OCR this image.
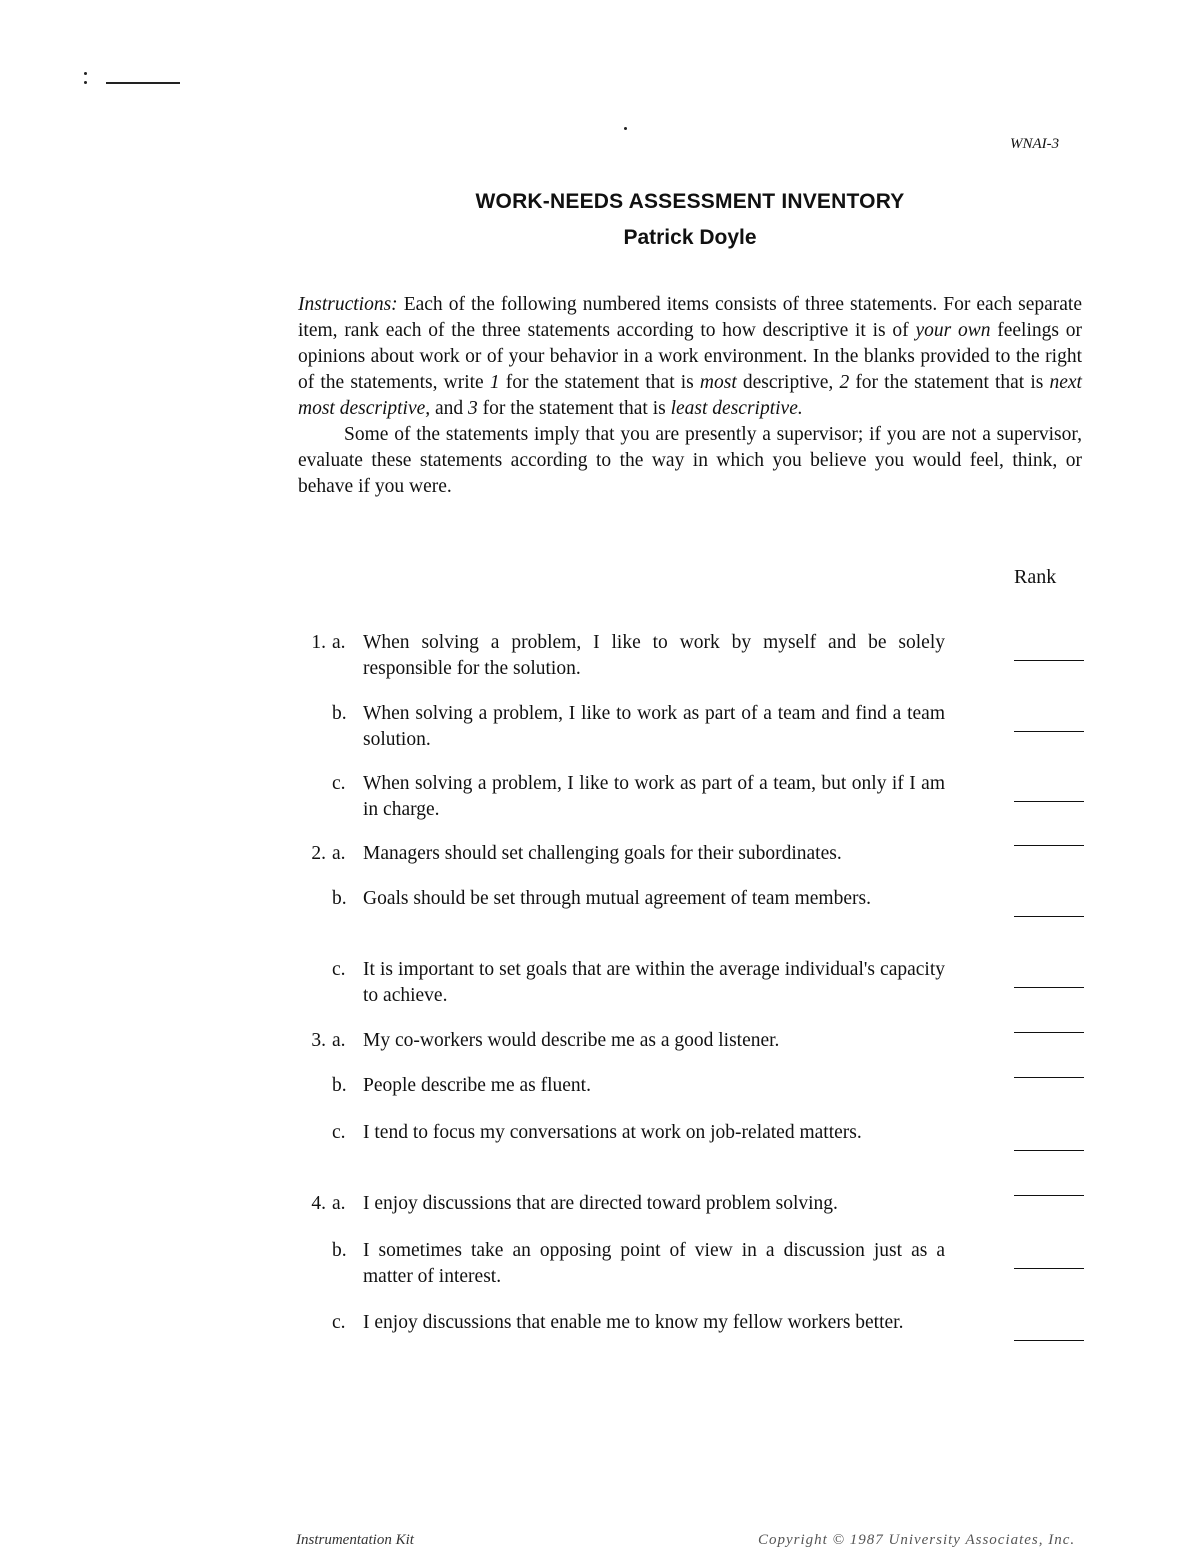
WNAI-3
WORK-NEEDS ASSESSMENT INVENTORY
Patrick Doyle

Instructions: Each of the following numbered items consists of three statements. For each separate item, rank each of the three statements according to how descriptive it is of your own feelings or opinions about work or of your behavior in a work environment. In the blanks provided to the right of the statements, write 1 for the statement that is most descriptive, 2 for the statement that is next most descriptive, and 3 for the statement that is least descriptive.

Some of the statements imply that you are presently a supervisor; if you are not a supervisor, evaluate these statements according to the way in which you believe you would feel, think, or behave if you were.

Rank
1. a. When solving a problem, I like to work by myself and be solely responsible for the solution.
b. When solving a problem, I like to work as part of a team and find a team solution.
c. When solving a problem, I like to work as part of a team, but only if I am in charge.
2. a. Managers should set challenging goals for their subordinates.
b. Goals should be set through mutual agreement of team members.
c. It is important to set goals that are within the average individual's capacity to achieve.
3. a. My co-workers would describe me as a good listener.
b. People describe me as fluent.
c. I tend to focus my conversations at work on job-related matters.
4. a. I enjoy discussions that are directed toward problem solving.
b. I sometimes take an opposing point of view in a discussion just as a matter of interest.
c. I enjoy discussions that enable me to know my fellow workers better.
Instrumentation Kit	Copyright © 1987 University Associates, Inc.
